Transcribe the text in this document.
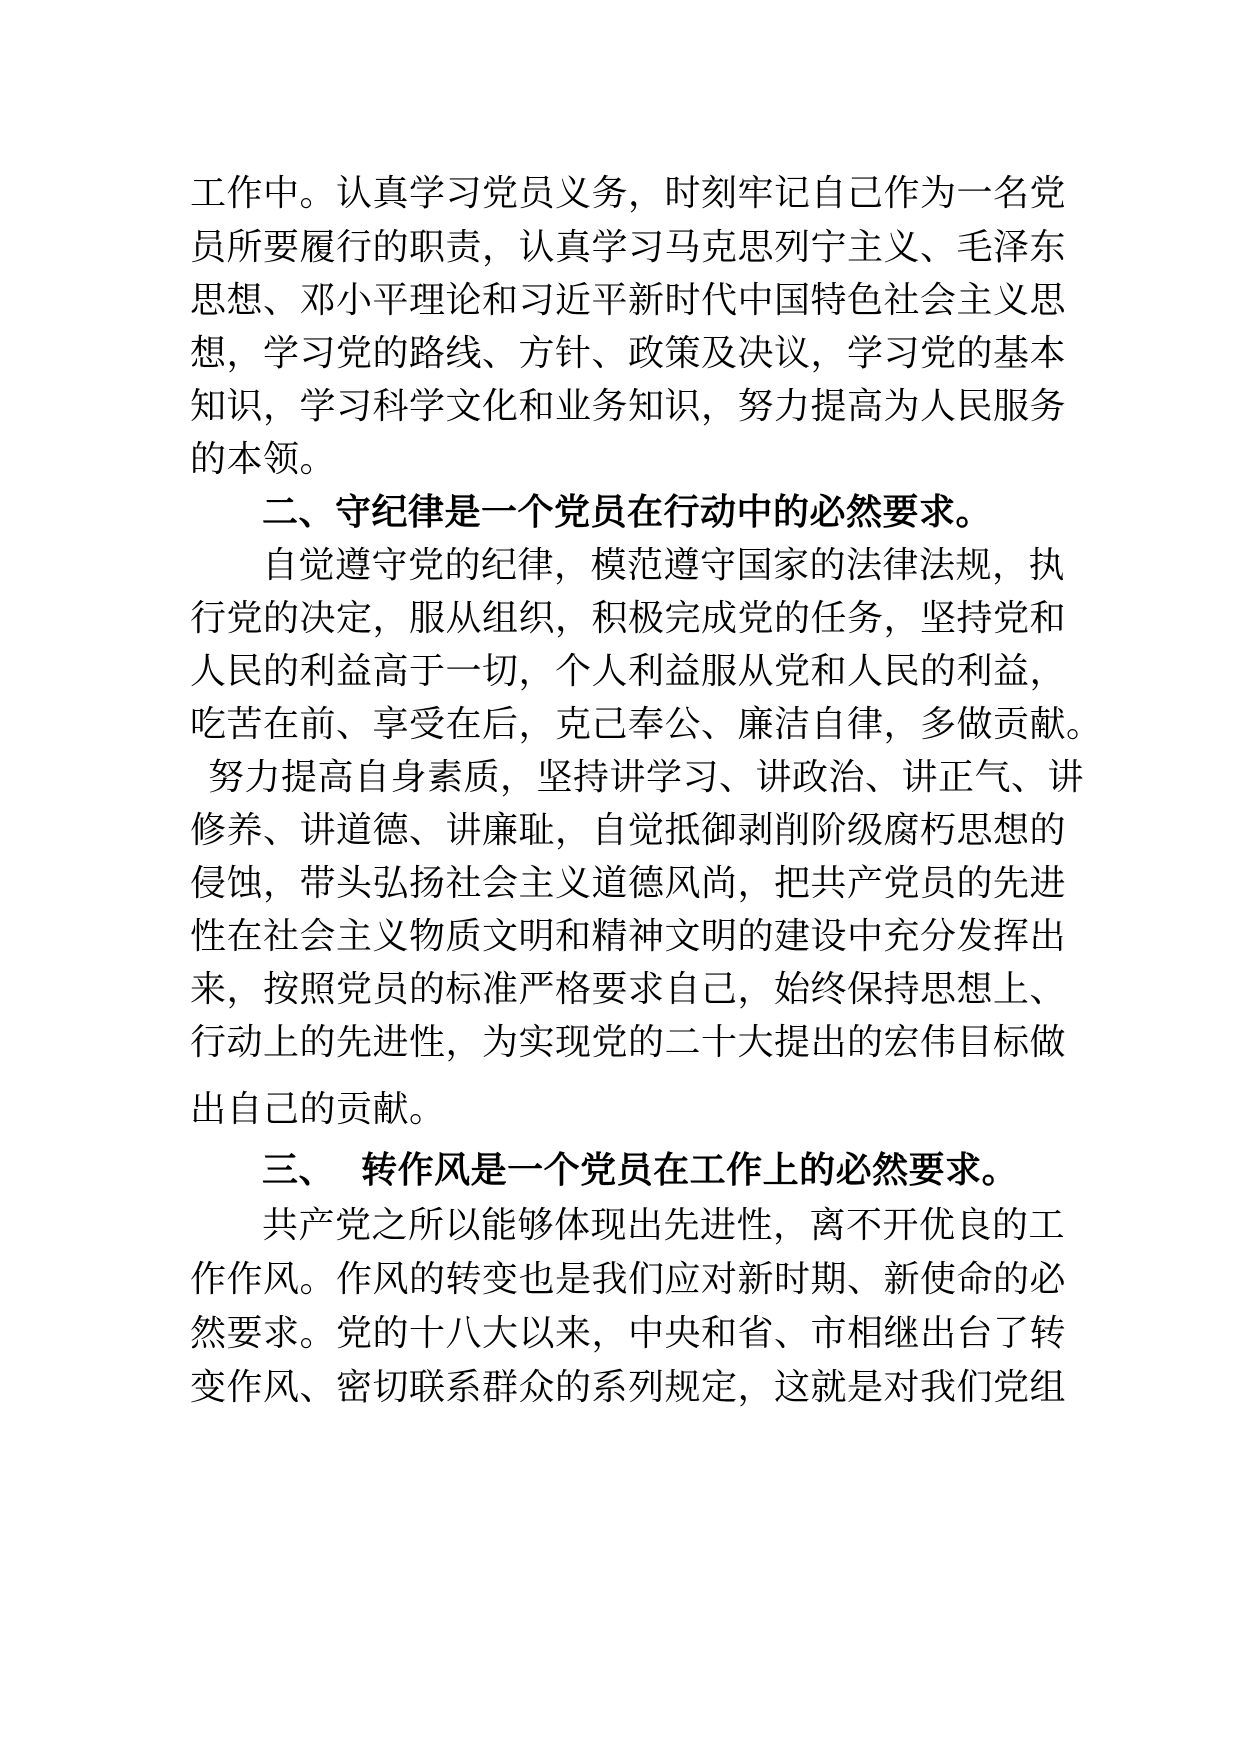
工作中。认真学习党员义务，时刻牢记自己作为一名党
员所要履行的职责，认真学习马克思列宁主义、毛泽东
思想、邓小平理论和习近平新时代中国特色社会主义思
想，学习党的路线、方针、政策及决议，学习党的基本
知识，学习科学文化和业务知识，努力提高为人民服务
的本领。
二、守纪律是一个党员在行动中的必然要求。
自觉遵守党的纪律，模范遵守国家的法律法规，执
行党的决定，服从组织，积极完成党的任务，坚持党和
人民的利益高于一切，个人利益服从党和人民的利益，
吃苦在前、享受在后，克己奉公、廉洁自律，多做贡献。
努力提高自身素质，坚持讲学习、讲政治、讲正气、讲
修养、讲道德、讲廉耻，自觉抵御剥削阶级腐朽思想的
侵蚀，带头弘扬社会主义道德风尚，把共产党员的先进
性在社会主义物质文明和精神文明的建设中充分发挥出
来，按照党员的标准严格要求自己，始终保持思想上、
行动上的先进性，为实现党的二十大提出的宏伟目标做
出自己的贡献。
三、  转作风是一个党员在工作上的必然要求。
共产党之所以能够体现出先进性，离不开优良的工
作作风。作风的转变也是我们应对新时期、新使命的必
然要求。党的十八大以来，中央和省、市相继出台了转
变作风、密切联系群众的系列规定，这就是对我们党组
